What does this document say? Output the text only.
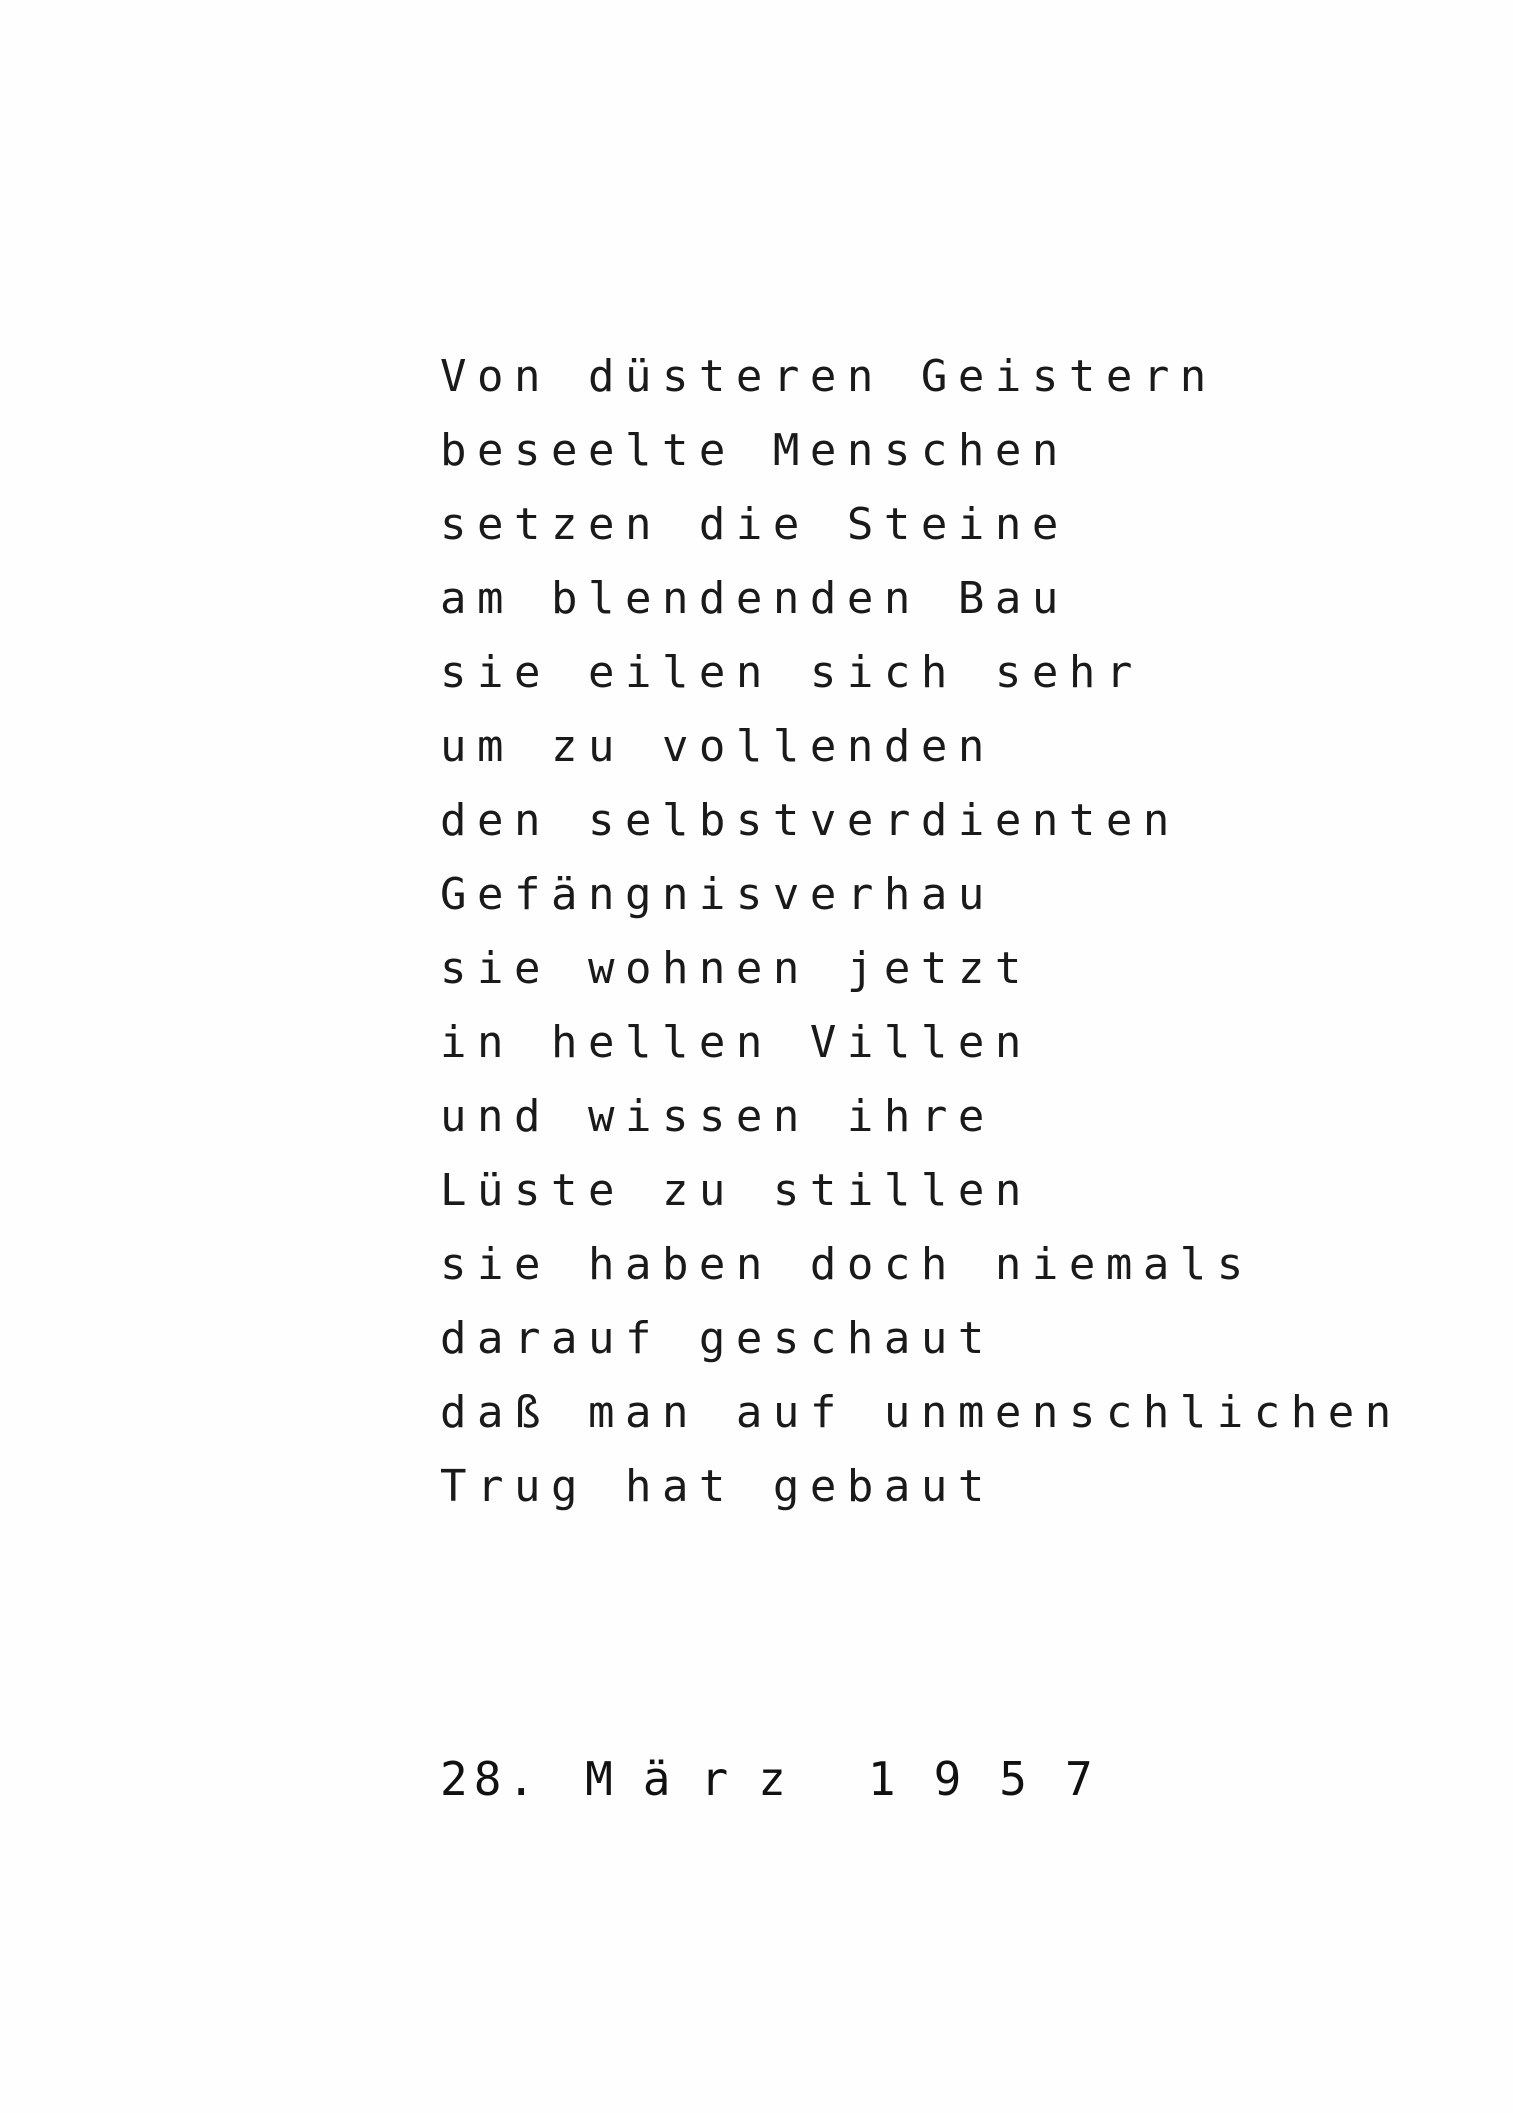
Von düsteren Geistern
beseelte Menschen
setzen die Steine
am blendenden Bau
sie eilen sich sehr
um zu vollenden
den selbstverdienten
Gefängnisverhau
sie wohnen jetzt
in hellen Villen
und wissen ihre
Lüste zu stillen
sie haben doch niemals
darauf geschaut
daß man auf unmenschlichen
Trug hat gebaut
28. März 1957
